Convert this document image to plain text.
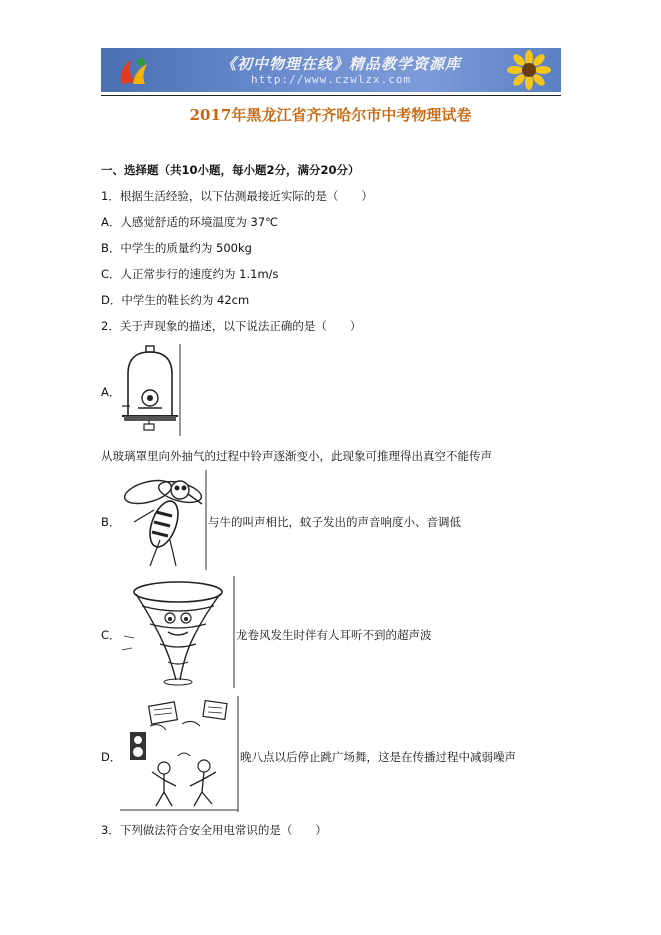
《初中物理在线》精品教学资源库
http://www.czwlzx.com
2017年黑龙江省齐齐哈尔市中考物理试卷
一、选择题（共10小题，每小题2分，满分20分）
1．根据生活经验，以下估测最接近实际的是（　　）
A．人感觉舒适的环境温度为 37℃
B．中学生的质量约为 500kg
C．人正常步行的速度约为 1.1m/s
D．中学生的鞋长约为 42cm
2．关于声现象的描述，以下说法正确的是（　　）
A．
从玻璃罩里向外抽气的过程中铃声逐渐变小，此现象可推理得出真空不能传声
B．	与牛的叫声相比，蚊子发出的声音响度小、音调低
C．	龙卷风发生时伴有人耳听不到的超声波
D．	晚八点以后停止跳广场舞，这是在传播过程中减弱噪声
3．下列做法符合安全用电常识的是（　　）
